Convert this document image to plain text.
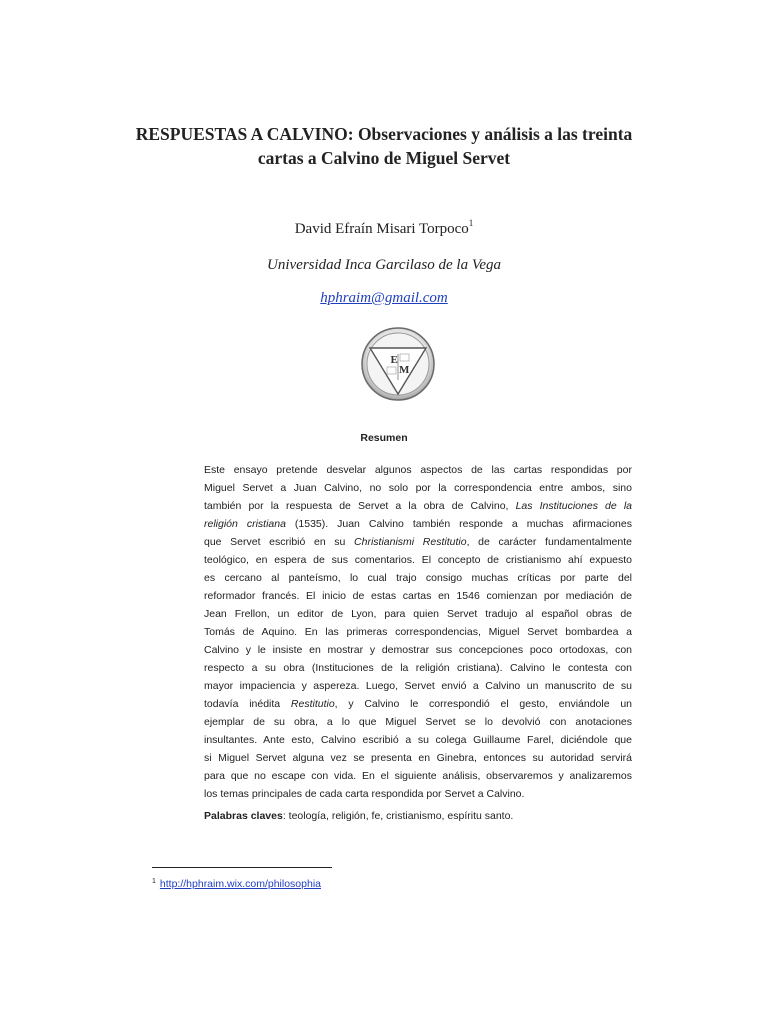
RESPUESTAS A CALVINO: Observaciones y análisis a las treinta
cartas a Calvino de Miguel Servet
David Efraín Misari Torpoco$^1$
Universidad Inca Garcilaso de la Vega
hphraim@gmail.com
E
M
Resumen
Este ensayo pretende desvelar algunos aspectos de las cartas respondidas por
Miguel Servet a Juan Calvino, no solo por la correspondencia entre ambos, sino
también por la respuesta de Servet a la obra de Calvino, Las Instituciones de la
religión cristiana (1535). Juan Calvino también responde a muchas afirmaciones
que Servet escribió en su Christianismi Restitutio, de carácter fundamentalmente
teológico, en espera de sus comentarios. El concepto de cristianismo ahí expuesto
es cercano al panteísmo, lo cual trajo consigo muchas críticas por parte del
reformador francés. El inicio de estas cartas en 1546 comienzan por mediación de
Jean Frellon, un editor de Lyon, para quien Servet tradujo al español obras de
Tomás de Aquino. En las primeras correspondencias, Miguel Servet bombardea a
Calvino y le insiste en mostrar y demostrar sus concepciones poco ortodoxas, con
respecto a su obra (Instituciones de la religión cristiana). Calvino le contesta con
mayor impaciencia y aspereza. Luego, Servet envió a Calvino un manuscrito de su
todavía inédita Restitutio, y Calvino le correspondió el gesto, enviándole un
ejemplar de su obra, a lo que Miguel Servet se lo devolvió con anotaciones
insultantes. Ante esto, Calvino escribió a su colega Guillaume Farel, diciéndole que
si Miguel Servet alguna vez se presenta en Ginebra, entonces su autoridad servirá
para que no escape con vida. En el siguiente análisis, observaremos y analizaremos
los temas principales de cada carta respondida por Servet a Calvino.
Palabras claves: teología, religión, fe, cristianismo, espíritu santo.
$^1$ http://hphraim.wix.com/philosophia
